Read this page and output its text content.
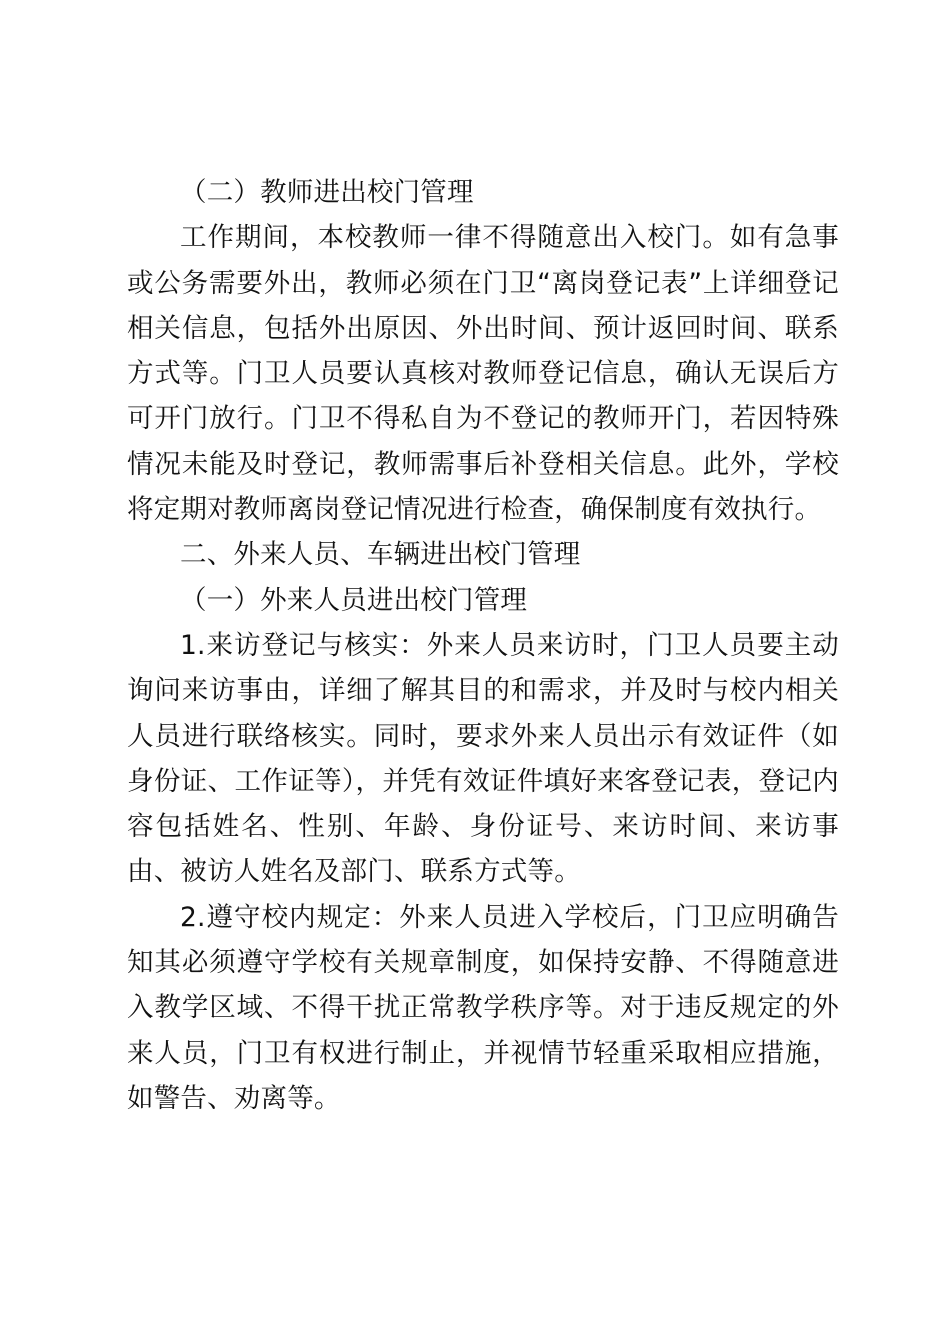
（二）教师进出校门管理

工作期间，本校教师一律不得随意出入校门。如有急事或公务需要外出，教师必须在门卫“离岗登记表”上详细登记相关信息，包括外出原因、外出时间、预计返回时间、联系方式等。门卫人员要认真核对教师登记信息，确认无误后方可开门放行。门卫不得私自为不登记的教师开门，若因特殊情况未能及时登记，教师需事后补登相关信息。此外，学校将定期对教师离岗登记情况进行检查，确保制度有效执行。

二、外来人员、车辆进出校门管理

（一）外来人员进出校门管理

1.来访登记与核实：外来人员来访时，门卫人员要主动询问来访事由，详细了解其目的和需求，并及时与校内相关人员进行联络核实。同时，要求外来人员出示有效证件（如身份证、工作证等），并凭有效证件填好来客登记表，登记内容包括姓名、性别、年龄、身份证号、来访时间、来访事由、被访人姓名及部门、联系方式等。

2.遵守校内规定：外来人员进入学校后，门卫应明确告知其必须遵守学校有关规章制度，如保持安静、不得随意进入教学区域、不得干扰正常教学秩序等。对于违反规定的外来人员，门卫有权进行制止，并视情节轻重采取相应措施，如警告、劝离等。
